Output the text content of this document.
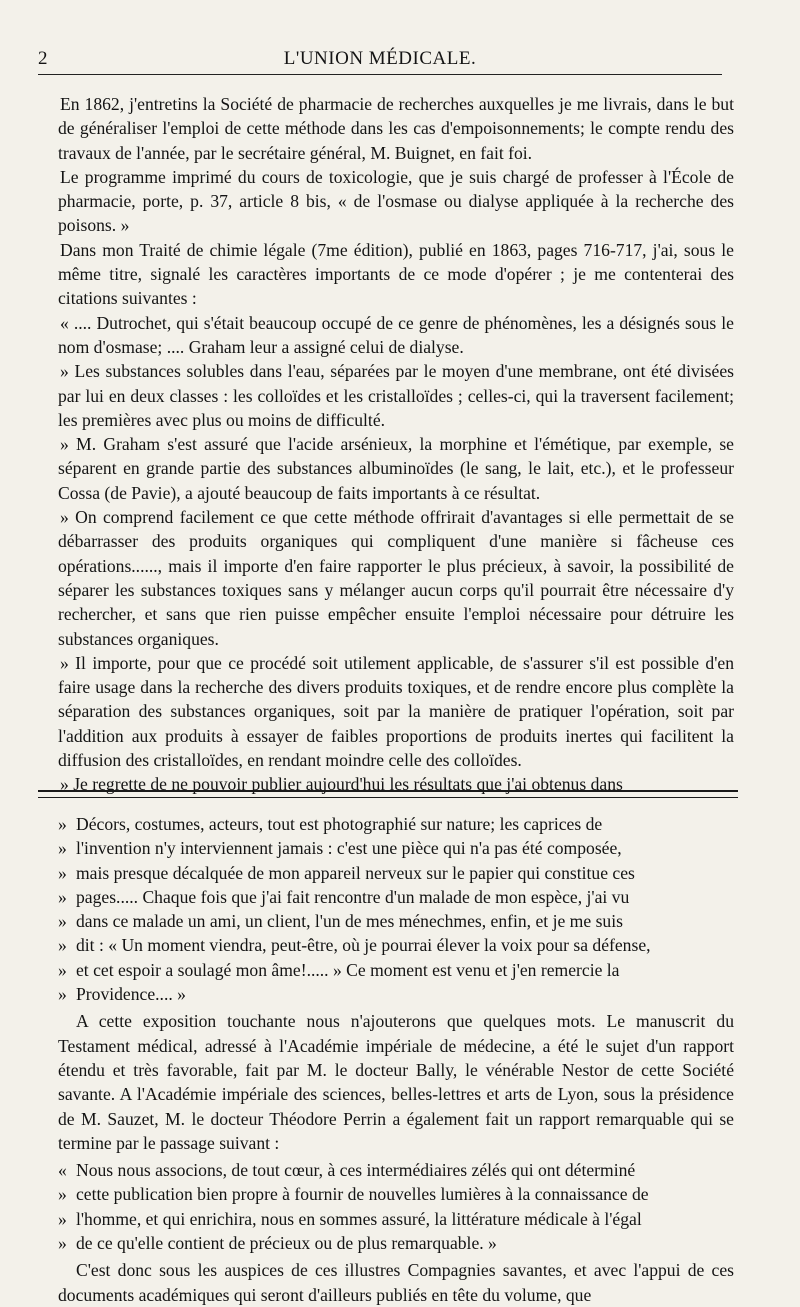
2	L'UNION MÉDICALE.

En 1862, j'entretins la Société de pharmacie de recherches auxquelles je me livrais, dans le but de généraliser l'emploi de cette méthode dans les cas d'empoisonnements; le compte rendu des travaux de l'année, par le secrétaire général, M. Buignet, en fait foi.

Le programme imprimé du cours de toxicologie, que je suis chargé de professer à l'École de pharmacie, porte, p. 37, article 8 bis, « de l'osmase ou dialyse appliquée à la recherche des poisons. »

Dans mon Traité de chimie légale (7me édition), publié en 1863, pages 716-717, j'ai, sous le même titre, signalé les caractères importants de ce mode d'opérer ; je me contenterai des citations suivantes :

« .... Dutrochet, qui s'était beaucoup occupé de ce genre de phénomènes, les a désignés sous le nom d'osmase; .... Graham leur a assigné celui de dialyse.

» Les substances solubles dans l'eau, séparées par le moyen d'une membrane, ont été divisées par lui en deux classes : les colloïdes et les cristalloïdes ; celles-ci, qui la traversent facilement; les premières avec plus ou moins de difficulté.

» M. Graham s'est assuré que l'acide arsénieux, la morphine et l'émétique, par exemple, se séparent en grande partie des substances albuminoïdes (le sang, le lait, etc.), et le professeur Cossa (de Pavie), a ajouté beaucoup de faits importants à ce résultat.

» On comprend facilement ce que cette méthode offrirait d'avantages si elle permettait de se débarrasser des produits organiques qui compliquent d'une manière si fâcheuse ces opérations......, mais il importe d'en faire rapporter le plus précieux, à savoir, la possibilité de séparer les substances toxiques sans y mélanger aucun corps qu'il pourrait être nécessaire d'y rechercher, et sans que rien puisse empêcher ensuite l'emploi nécessaire pour détruire les substances organiques.

» Il importe, pour que ce procédé soit utilement applicable, de s'assurer s'il est possible d'en faire usage dans la recherche des divers produits toxiques, et de rendre encore plus complète la séparation des substances organiques, soit par la manière de pratiquer l'opération, soit par l'addition aux produits à essayer de faibles proportions de produits inertes qui facilitent la diffusion des cristalloïdes, en rendant moindre celle des colloïdes.

» Je regrette de ne pouvoir publier aujourd'hui les résultats que j'ai obtenus dans

» Décors, costumes, acteurs, tout est photographié sur nature; les caprices de
» l'invention n'y interviennent jamais : c'est une pièce qui n'a pas été composée,
» mais presque décalquée de mon appareil nerveux sur le papier qui constitue ces
» pages..... Chaque fois que j'ai fait rencontre d'un malade de mon espèce, j'ai vu
» dans ce malade un ami, un client, l'un de mes ménechmes, enfin, et je me suis
» dit : « Un moment viendra, peut-être, où je pourrai élever la voix pour sa défense,
» et cet espoir a soulagé mon âme!..... » Ce moment est venu et j'en remercie la
» Providence.... »

A cette exposition touchante nous n'ajouterons que quelques mots. Le manuscrit du Testament médical, adressé à l'Académie impériale de médecine, a été le sujet d'un rapport étendu et très favorable, fait par M. le docteur Bally, le vénérable Nestor de cette Société savante. A l'Académie impériale des sciences, belles-lettres et arts de Lyon, sous la présidence de M. Sauzet, M. le docteur Théodore Perrin a également fait un rapport remarquable qui se termine par le passage suivant :

« Nous nous associons, de tout cœur, à ces intermédiaires zélés qui ont déterminé
» cette publication bien propre à fournir de nouvelles lumières à la connaissance de
» l'homme, et qui enrichira, nous en sommes assuré, la littérature médicale à l'égal
» de ce qu'elle contient de précieux ou de plus remarquable. »

C'est donc sous les auspices de ces illustres Compagnies savantes, et avec l'appui de ces documents académiques qui seront d'ailleurs publiés en tête du volume, que
